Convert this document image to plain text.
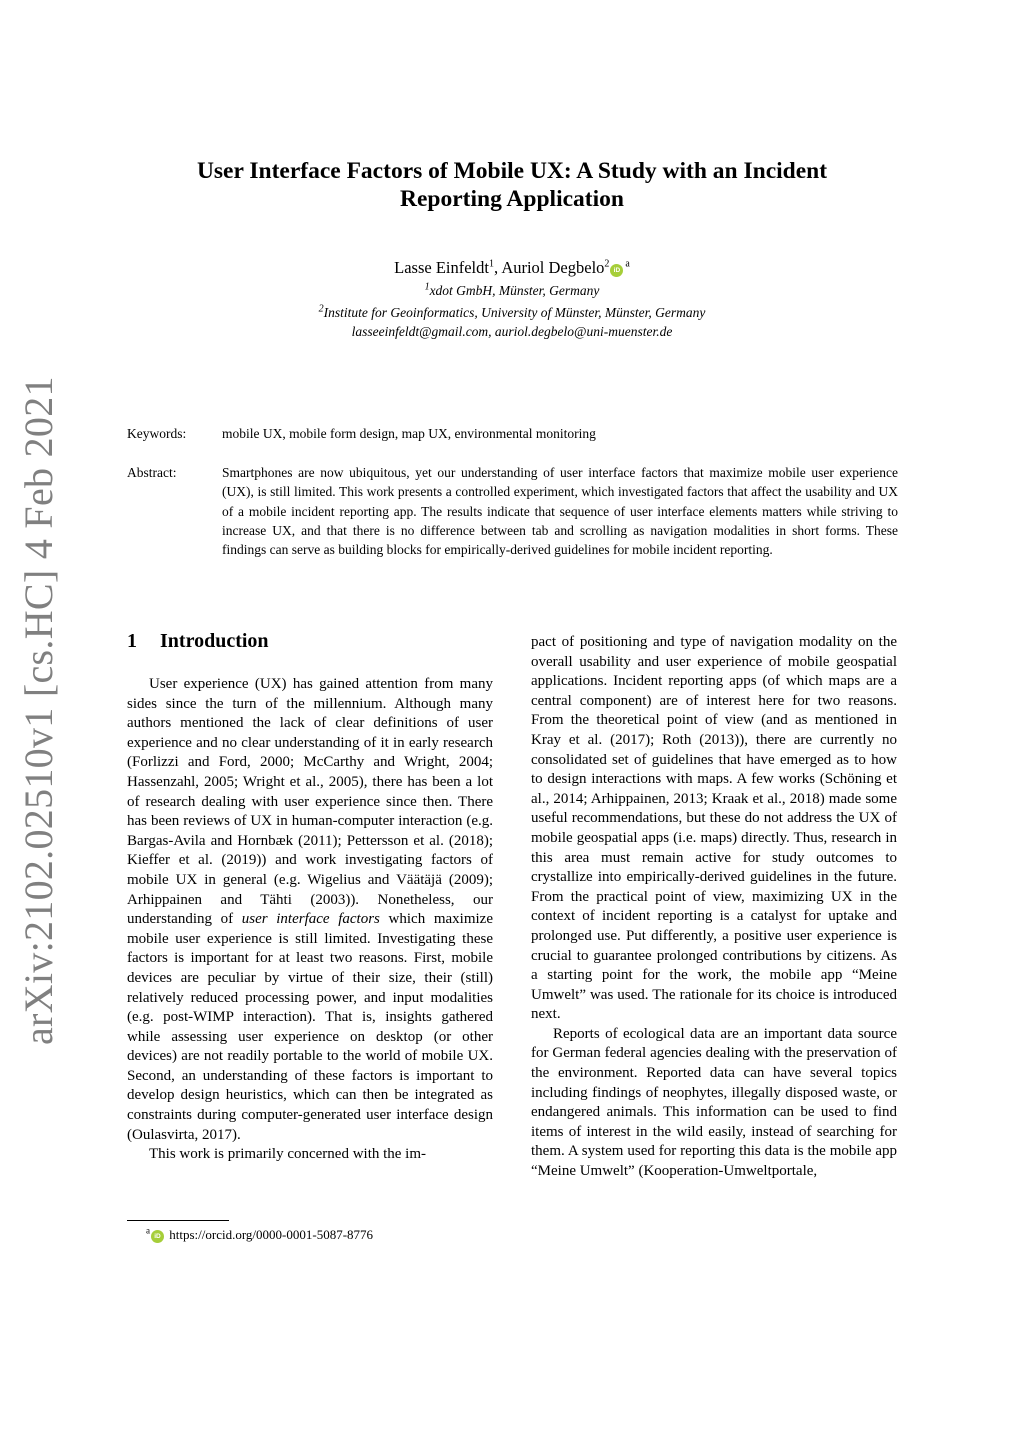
arXiv:2102.02510v1 [cs.HC] 4 Feb 2021
User Interface Factors of Mobile UX: A Study with an Incident
Reporting Application
Lasse Einfeldt$^1$, Auriol $Degbelo^2iD^a$
$^1$xdot GmbH, Münster, Germany
$^2$Institute for Geoinformatics, University of Münster, Münster, Germany
lasseeinfeldt@gmail.com, auriol.degbelo@uni-muenster.de
Keywords:	mobile UX, mobile form design, map UX, environmental monitoring
Abstract:	Smartphones are now ubiquitous, yet our understanding of user interface factors that maximize mobile user experience (UX), is still limited. This work presents a controlled experiment, which investigated factors that affect the usability and UX of a mobile incident reporting app. The results indicate that sequence of user interface elements matters while striving to increase UX, and that there is no difference between tab and scrolling as navigation modalities in short forms. These findings can serve as building blocks for empirically-derived guidelines for mobile incident reporting.
1 Introduction

User experience (UX) has gained attention from many sides since the turn of the millennium. Although many authors mentioned the lack of clear definitions of user experience and no clear understanding of it in early research (Forlizzi and Ford, 2000; McCarthy and Wright, 2004; Hassenzahl, 2005; Wright et al., 2005), there has been a lot of research dealing with user experience since then. There has been reviews of UX in human-computer interaction (e.g. Bargas-Avila and Hornbæk (2011); Pettersson et al. (2018); Kieffer et al. (2019)) and work investigating factors of mobile UX in general (e.g. Wigelius and Väätäjä (2009); Arhippainen and Tähti (2003)). Nonetheless, our understanding of user interface factors which maximize mobile user experience is still limited. Investigating these factors is important for at least two reasons. First, mobile devices are peculiar by virtue of their size, their (still) relatively reduced processing power, and input modalities (e.g. post-WIMP interaction). That is, insights gathered while assessing user experience on desktop (or other devices) are not readily portable to the world of mobile UX. Second, an understanding of these factors is important to develop design heuristics, which can then be integrated as constraints during computer-generated user interface design (Oulasvirta, 2017).

This work is primarily concerned with the im-

$^a$iD https://orcid.org/0000-0001-5087-8776

pact of positioning and type of navigation modality on the overall usability and user experience of mobile geospatial applications. Incident reporting apps (of which maps are a central component) are of interest here for two reasons. From the theoretical point of view (and as mentioned in Kray et al. (2017); Roth (2013)), there are currently no consolidated set of guidelines that have emerged as to how to design interactions with maps. A few works (Schöning et al., 2014; Arhippainen, 2013; Kraak et al., 2018) made some useful recommendations, but these do not address the UX of mobile geospatial apps (i.e. maps) directly. Thus, research in this area must remain active for study outcomes to crystallize into empirically-derived guidelines in the future. From the practical point of view, maximizing UX in the context of incident reporting is a catalyst for uptake and prolonged use. Put differently, a positive user experience is crucial to guarantee prolonged contributions by citizens. As a starting point for the work, the mobile app “Meine Umwelt” was used. The rationale for its choice is introduced next.

Reports of ecological data are an important data source for German federal agencies dealing with the preservation of the environment. Reported data can have several topics including findings of neophytes, illegally disposed waste, or endangered animals. This information can be used to find items of interest in the wild easily, instead of searching for them. A system used for reporting this data is the mobile app “Meine Umwelt” (Kooperation-Umweltportale,
